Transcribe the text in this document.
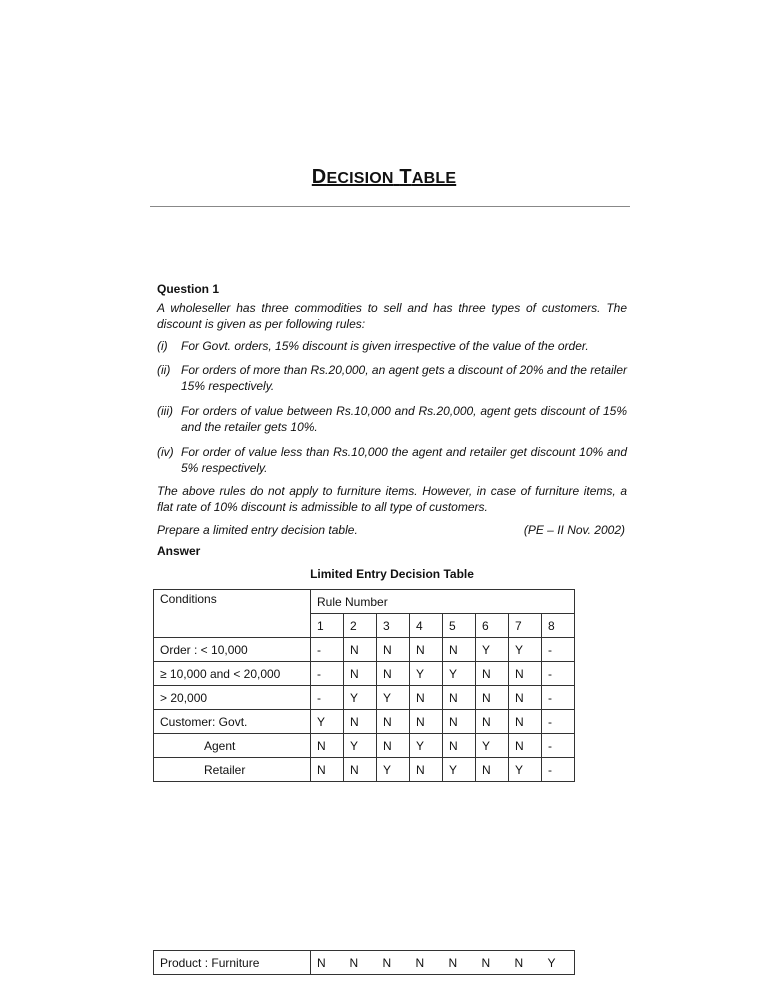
DECISION TABLE
Question 1
A wholeseller has three commodities to sell and has three types of customers. The discount is given as per following rules:
(i) For Govt. orders, 15% discount is given irrespective of the value of the order.
(ii) For orders of more than Rs.20,000, an agent gets a discount of 20% and the retailer 15% respectively.
(iii) For orders of value between Rs.10,000 and Rs.20,000, agent gets discount of 15% and the retailer gets 10%.
(iv) For order of value less than Rs.10,000 the agent and retailer get discount 10% and 5% respectively.
The above rules do not apply to furniture items. However, in case of furniture items, a flat rate of 10% discount is admissible to all type of customers.
Prepare a limited entry decision table.	(PE – II Nov. 2002)
Answer
Limited Entry Decision Table
Conditions	Rule Number							
	1	2	3	4	5	6	7	8
Order : < 10,000	-	N	N	N	N	Y	Y	-
≥ 10,000 and < 20,000	-	N	N	Y	Y	N	N	-
> 20,000	-	Y	Y	N	N	N	N	-
Customer: Govt.	Y	N	N	N	N	N	N	-
Agent	N	Y	N	Y	N	Y	N	-
Retailer	N	N	Y	N	Y	N	Y	-

Product : Furniture	N	N	N	N	N	N	N	Y
